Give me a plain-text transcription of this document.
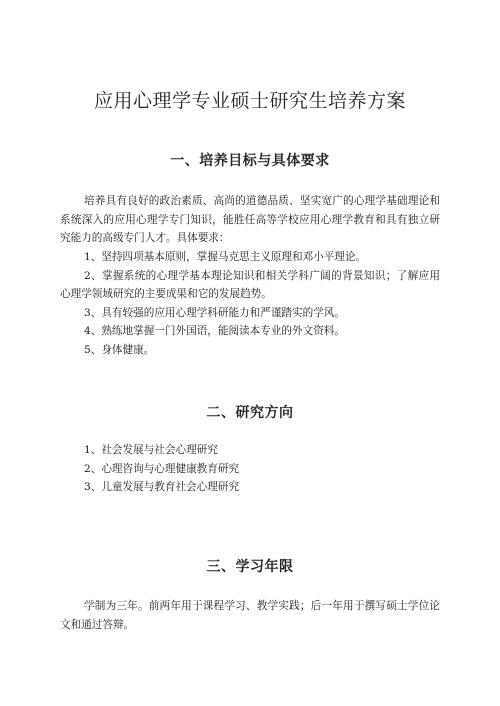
应用心理学专业硕士研究生培养方案
一、培养目标与具体要求
培养具有良好的政治素质、高尚的道德品质、坚实宽广的心理学基础理论和系统深入的应用心理学专门知识，能胜任高等学校应用心理学教育和具有独立研究能力的高级专门人才。具体要求：
1、坚持四项基本原则，掌握马克思主义原理和邓小平理论。
2、掌握系统的心理学基本理论知识和相关学科广阔的背景知识；了解应用心理学领域研究的主要成果和它的发展趋势。
3、具有较强的应用心理学科研能力和严谨踏实的学风。
4、熟练地掌握一门外国语，能阅读本专业的外文资料。
5、身体健康。
二、研究方向
1、社会发展与社会心理研究
2、心理咨询与心理健康教育研究
3、儿童发展与教育社会心理研究
三、学习年限
学制为三年。前两年用于课程学习、教学实践；后一年用于撰写硕士学位论文和通过答辩。
